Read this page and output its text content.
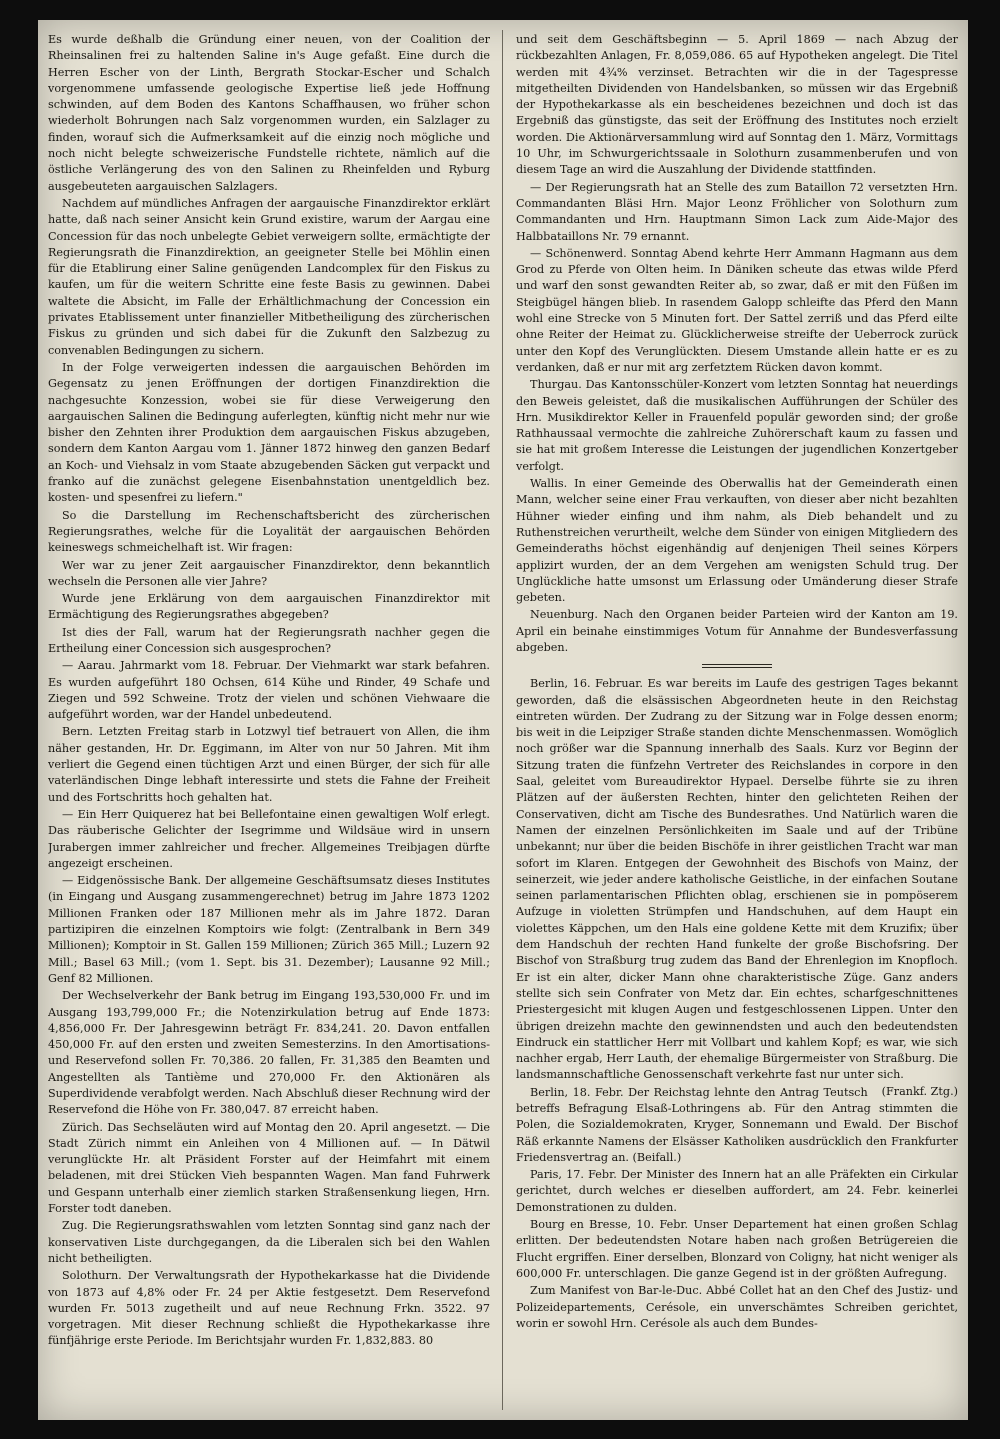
Es wurde deßhalb die Gründung einer neuen, von der Coalition der Rheinsalinen frei zu haltenden Saline in's Auge gefaßt. Eine durch die Herren Escher von der Linth, Bergrath Stockar-Escher und Schalch vorgenommene umfassende geologische Expertise ließ jede Hoffnung schwinden, auf dem Boden des Kantons Schaffhausen, wo früher schon wiederholt Bohrungen nach Salz vorgenommen wurden, ein Salzlager zu finden, worauf sich die Aufmerksamkeit auf die einzig noch mögliche und noch nicht belegte schweizerische Fundstelle richtete, nämlich auf die östliche Verlängerung des von den Salinen zu Rheinfelden und Ryburg ausgebeuteten aargauischen Salzlagers.

Nachdem auf mündliches Anfragen der aargauische Finanzdirektor erklärt hatte, daß nach seiner Ansicht kein Grund existire, warum der Aargau eine Concession für das noch unbelegte Gebiet verweigern sollte, ermächtigte der Regierungsrath die Finanzdirektion, an geeigneter Stelle bei Möhlin einen für die Etablirung einer Saline genügenden Landcomplex für den Fiskus zu kaufen, um für die weitern Schritte eine feste Basis zu gewinnen. Dabei waltete die Absicht, im Falle der Erhältlichmachung der Concession ein privates Etablissement unter finanzieller Mitbetheiligung des zürcherischen Fiskus zu gründen und sich dabei für die Zukunft den Salzbezug zu convenablen Bedingungen zu sichern.

In der Folge verweigerten indessen die aargauischen Behörden im Gegensatz zu jenen Eröffnungen der dortigen Finanzdirektion die nachgesuchte Konzession, wobei sie für diese Verweigerung den aargauischen Salinen die Bedingung auferlegten, künftig nicht mehr nur wie bisher den Zehnten ihrer Produktion dem aargauischen Fiskus abzugeben, sondern dem Kanton Aargau vom 1. Jänner 1872 hinweg den ganzen Bedarf an Koch- und Viehsalz in vom Staate abzugebenden Säcken gut verpackt und franko auf die zunächst gelegene Eisenbahnstation unentgeldlich bez. kosten- und spesenfrei zu liefern."

So die Darstellung im Rechenschaftsbericht des zürcherischen Regierungsrathes, welche für die Loyalität der aargauischen Behörden keineswegs schmeichelhaft ist. Wir fragen:

Wer war zu jener Zeit aargauischer Finanzdirektor, denn bekanntlich wechseln die Personen alle vier Jahre?

Wurde jene Erklärung von dem aargauischen Finanzdirektor mit Ermächtigung des Regierungsrathes abgegeben?

Ist dies der Fall, warum hat der Regierungsrath nachher gegen die Ertheilung einer Concession sich ausgesprochen?

— Aarau. Jahrmarkt vom 18. Februar. Der Viehmarkt war stark befahren. Es wurden aufgeführt 180 Ochsen, 614 Kühe und Rinder, 49 Schafe und Ziegen und 592 Schweine. Trotz der vielen und schönen Viehwaare die aufgeführt worden, war der Handel unbedeutend.

Bern. Letzten Freitag starb in Lotzwyl tief betrauert von Allen, die ihm näher gestanden, Hr. Dr. Eggimann, im Alter von nur 50 Jahren. Mit ihm verliert die Gegend einen tüchtigen Arzt und einen Bürger, der sich für alle vaterländischen Dinge lebhaft interessirte und stets die Fahne der Freiheit und des Fortschritts hoch gehalten hat.

— Ein Herr Quiquerez hat bei Bellefontaine einen gewaltigen Wolf erlegt. Das räuberische Gelichter der Isegrimme und Wildsäue wird in unsern Jurabergen immer zahlreicher und frecher. Allgemeines Treibjagen dürfte angezeigt erscheinen.

— Eidgenössische Bank. Der allgemeine Geschäftsumsatz dieses Institutes (in Eingang und Ausgang zusammengerechnet) betrug im Jahre 1873 1202 Millionen Franken oder 187 Millionen mehr als im Jahre 1872. Daran partizipiren die einzelnen Komptoirs wie folgt: (Zentralbank in Bern 349 Millionen); Komptoir in St. Gallen 159 Millionen; Zürich 365 Mill.; Luzern 92 Mill.; Basel 63 Mill.; (vom 1. Sept. bis 31. Dezember); Lausanne 92 Mill.; Genf 82 Millionen.

Der Wechselverkehr der Bank betrug im Eingang 193,530,000 Fr. und im Ausgang 193,799,000 Fr.; die Notenzirkulation betrug auf Ende 1873: 4,856,000 Fr. Der Jahresgewinn beträgt Fr. 834,241. 20. Davon entfallen 450,000 Fr. auf den ersten und zweiten Semesterzins. In den Amortisations- und Reservefond sollen Fr. 70,386. 20 fallen, Fr. 31,385 den Beamten und Angestellten als Tantième und 270,000 Fr. den Aktionären als Superdividende verabfolgt werden. Nach Abschluß dieser Rechnung wird der Reservefond die Höhe von Fr. 380,047. 87 erreicht haben.

Zürich. Das Sechseläuten wird auf Montag den 20. April angesetzt. — Die Stadt Zürich nimmt ein Anleihen von 4 Millionen auf. — In Dätwil verunglückte Hr. alt Präsident Forster auf der Heimfahrt mit einem beladenen, mit drei Stücken Vieh bespannten Wagen. Man fand Fuhrwerk und Gespann unterhalb einer ziemlich starken Straßensenkung liegen, Hrn. Forster todt daneben.

Zug. Die Regierungsrathswahlen vom letzten Sonntag sind ganz nach der konservativen Liste durchgegangen, da die Liberalen sich bei den Wahlen nicht betheiligten.

Solothurn. Der Verwaltungsrath der Hypothekarkasse hat die Dividende von 1873 auf 4,8% oder Fr. 24 per Aktie festgesetzt. Dem Reservefond wurden Fr. 5013 zugetheilt und auf neue Rechnung Frkn. 3522. 97 vorgetragen. Mit dieser Rechnung schließt die Hypothekarkasse ihre fünfjährige erste Periode. Im Berichtsjahr wurden Fr. 1,832,883. 80

und seit dem Geschäftsbeginn — 5. April 1869 — nach Abzug der rückbezahlten Anlagen, Fr. 8,059,086. 65 auf Hypotheken angelegt. Die Titel werden mit 4¾% verzinset. Betrachten wir die in der Tagespresse mitgetheilten Dividenden von Handelsbanken, so müssen wir das Ergebniß der Hypothekarkasse als ein bescheidenes bezeichnen und doch ist das Ergebniß das günstigste, das seit der Eröffnung des Institutes noch erzielt worden. Die Aktionärversammlung wird auf Sonntag den 1. März, Vormittags 10 Uhr, im Schwurgerichtssaale in Solothurn zusammenberufen und von diesem Tage an wird die Auszahlung der Dividende stattfinden.

— Der Regierungsrath hat an Stelle des zum Bataillon 72 versetzten Hrn. Commandanten Bläsi Hrn. Major Leonz Fröhlicher von Solothurn zum Commandanten und Hrn. Hauptmann Simon Lack zum Aide-Major des Halbbataillons Nr. 79 ernannt.

— Schönenwerd. Sonntag Abend kehrte Herr Ammann Hagmann aus dem Grod zu Pferde von Olten heim. In Däniken scheute das etwas wilde Pferd und warf den sonst gewandten Reiter ab, so zwar, daß er mit den Füßen im Steigbügel hängen blieb. In rasendem Galopp schleifte das Pferd den Mann wohl eine Strecke von 5 Minuten fort. Der Sattel zerriß und das Pferd eilte ohne Reiter der Heimat zu. Glücklicherweise streifte der Ueberrock zurück unter den Kopf des Verunglückten. Diesem Umstande allein hatte er es zu verdanken, daß er nur mit arg zerfetztem Rücken davon kommt.

Thurgau. Das Kantonsschüler-Konzert vom letzten Sonntag hat neuerdings den Beweis geleistet, daß die musikalischen Aufführungen der Schüler des Hrn. Musikdirektor Keller in Frauenfeld populär geworden sind; der große Rathhaussaal vermochte die zahlreiche Zuhörerschaft kaum zu fassen und sie hat mit großem Interesse die Leistungen der jugendlichen Konzertgeber verfolgt.

Wallis. In einer Gemeinde des Oberwallis hat der Gemeinderath einen Mann, welcher seine einer Frau verkauften, von dieser aber nicht bezahlten Hühner wieder einfing und ihm nahm, als Dieb behandelt und zu Ruthenstreichen verurtheilt, welche dem Sünder von einigen Mitgliedern des Gemeinderaths höchst eigenhändig auf denjenigen Theil seines Körpers applizirt wurden, der an dem Vergehen am wenigsten Schuld trug. Der Unglückliche hatte umsonst um Erlassung oder Umänderung dieser Strafe gebeten.

Neuenburg. Nach den Organen beider Parteien wird der Kanton am 19. April ein beinahe einstimmiges Votum für Annahme der Bundesverfassung abgeben.

Berlin, 16. Februar. Es war bereits im Laufe des gestrigen Tages bekannt geworden, daß die elsässischen Abgeordneten heute in den Reichstag eintreten würden. Der Zudrang zu der Sitzung war in Folge dessen enorm; bis weit in die Leipziger Straße standen dichte Menschenmassen. Womöglich noch größer war die Spannung innerhalb des Saals. Kurz vor Beginn der Sitzung traten die fünfzehn Vertreter des Reichslandes in corpore in den Saal, geleitet vom Bureaudirektor Hypael. Derselbe führte sie zu ihren Plätzen auf der äußersten Rechten, hinter den gelichteten Reihen der Conservativen, dicht am Tische des Bundesrathes. Und Natürlich waren die Namen der einzelnen Persönlichkeiten im Saale und auf der Tribüne unbekannt; nur über die beiden Bischöfe in ihrer geistlichen Tracht war man sofort im Klaren. Entgegen der Gewohnheit des Bischofs von Mainz, der seinerzeit, wie jeder andere katholische Geistliche, in der einfachen Soutane seinen parlamentarischen Pflichten oblag, erschienen sie in pompöserem Aufzuge in violetten Strümpfen und Handschuhen, auf dem Haupt ein violettes Käppchen, um den Hals eine goldene Kette mit dem Kruzifix; über dem Handschuh der rechten Hand funkelte der große Bischofsring. Der Bischof von Straßburg trug zudem das Band der Ehrenlegion im Knopfloch. Er ist ein alter, dicker Mann ohne charakteristische Züge. Ganz anders stellte sich sein Confrater von Metz dar. Ein echtes, scharfgeschnittenes Priestergesicht mit klugen Augen und festgeschlossenen Lippen. Unter den übrigen dreizehn machte den gewinnendsten und auch den bedeutendsten Eindruck ein stattlicher Herr mit Vollbart und kahlem Kopf; es war, wie sich nachher ergab, Herr Lauth, der ehemalige Bürgermeister von Straßburg. Die landsmannschaftliche Genossenschaft verkehrte fast nur unter sich.
(Frankf. Ztg.)

Berlin, 18. Febr. Der Reichstag lehnte den Antrag Teutsch betreffs Befragung Elsaß-Lothringens ab. Für den Antrag stimmten die Polen, die Sozialdemokraten, Kryger, Sonnemann und Ewald. Der Bischof Räß erkannte Namens der Elsässer Katholiken ausdrücklich den Frankfurter Friedensvertrag an. (Beifall.)

Paris, 17. Febr. Der Minister des Innern hat an alle Präfekten ein Cirkular gerichtet, durch welches er dieselben auffordert, am 24. Febr. keinerlei Demonstrationen zu dulden.

Bourg en Bresse, 10. Febr. Unser Departement hat einen großen Schlag erlitten. Der bedeutendsten Notare haben nach großen Betrügereien die Flucht ergriffen. Einer derselben, Blonzard von Coligny, hat nicht weniger als 600,000 Fr. unterschlagen. Die ganze Gegend ist in der größten Aufregung.

Zum Manifest von Bar-le-Duc. Abbé Collet hat an den Chef des Justiz- und Polizeidepartements, Cerésole, ein unverschämtes Schreiben gerichtet, worin er sowohl Hrn. Cerésole als auch dem Bundes-
